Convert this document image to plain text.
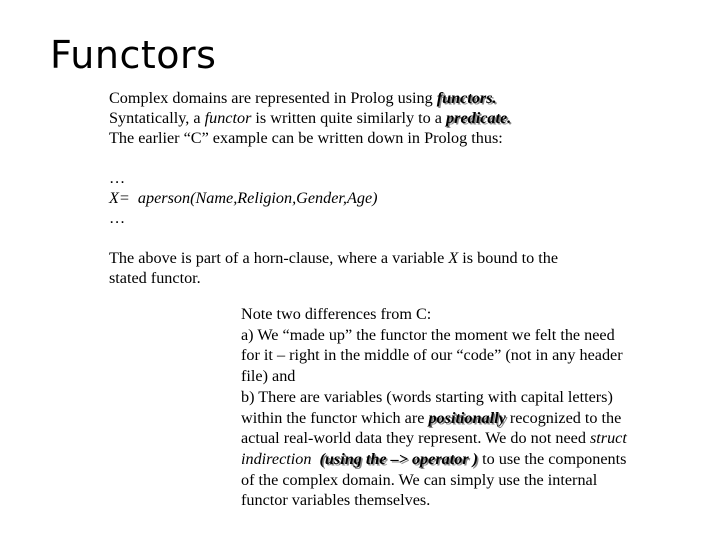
Functors

Complex domains are represented in Prolog using functors.

Syntatically, a functor is written quite similarly to a predicate.

The earlier “C” example can be written down in Prolog thus:

…

X=  aperson(Name,Religion,Gender,Age)

…

The above is part of a horn-clause, where a variable X is bound to the

stated functor.

Note two differences from C:

a) We “made up” the functor the moment we felt the need

for it – right in the middle of our “code” (not in any header

file) and

b) There are variables (words starting with capital letters)

within the functor which are positionally recognized to the

actual real-world data they represent. We do not need struct

indirection  (using the –> operator ) to use the components

of the complex domain. We can simply use the internal

functor variables themselves.
